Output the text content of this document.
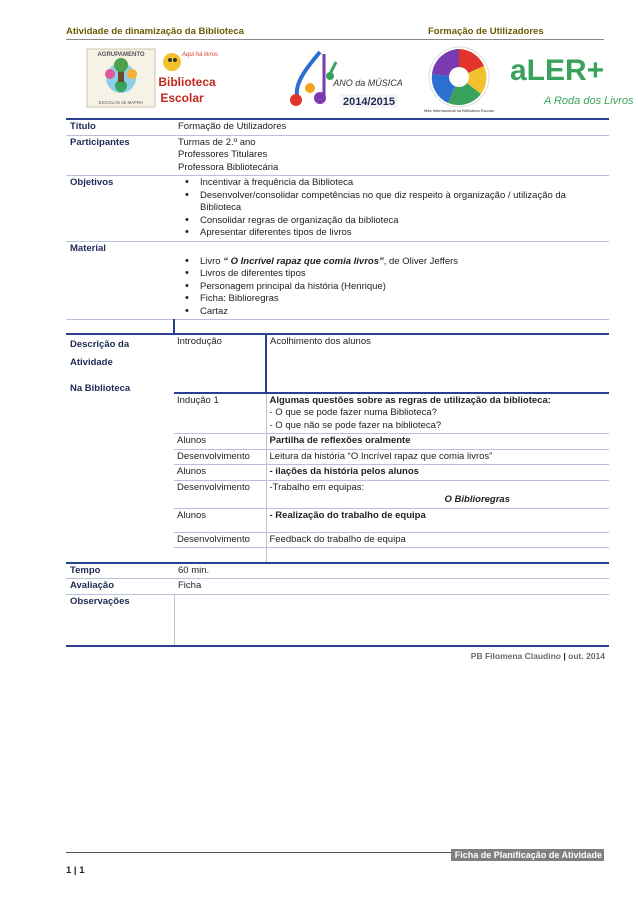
Atividade de dinamização da Biblioteca	Formação de Utilizadores
AGRUPAMENTO
ESCOLAS de MAFRA
Aqui há livros
Biblioteca
Escolar
ANO da MÚSICA
2014/2015
Mês Internacional da Biblioteca Escolar
aLER+
A Roda dos Livros
Título	Formação de Utilizadores
Participantes	Turmas de 2.º ano
Professores Titulares
Professora Bibliotecária

Objetivos	
•Incentivar à frequência da Biblioteca
• Desenvolver/consolidar competências no que diz respeito à organização / utilização da Biblioteca
• Consolidar regras de organização da biblioteca
• Apresentar diferentes tipos de livros

Material	
• Livro “ O Incrível rapaz que comia livros”, de Oliver Jeffers
• Livros de diferentes tipos
• Personagem principal da história (Henrique)
• Ficha: Biblioregras
• Cartaz

Descrição da
Atividade
Na Biblioteca

Introdução	Acolhimento dos alunos
Indução 1	Algumas questões sobre as regras de utilização da biblioteca:
- O que se pode fazer numa Biblioteca?
- O que não se pode fazer na biblioteca?

Alunos	Partilha de reflexões oralmente
Desenvolvimento	Leitura da história “O Incrível rapaz que comia livros”
Alunos	- ilações da história pelos alunos
Desenvolvimento	-Trabalho em equipas:
O Biblioregras

Alunos	- Realização do trabalho de equipa
Desenvolvimento	Feedback do trabalho de equipa

Tempo	60 min.
Avaliação	Ficha
Observações	
PB Filomena Claudino | out. 2014
Ficha de Planificação de Atividade
1 | 1
